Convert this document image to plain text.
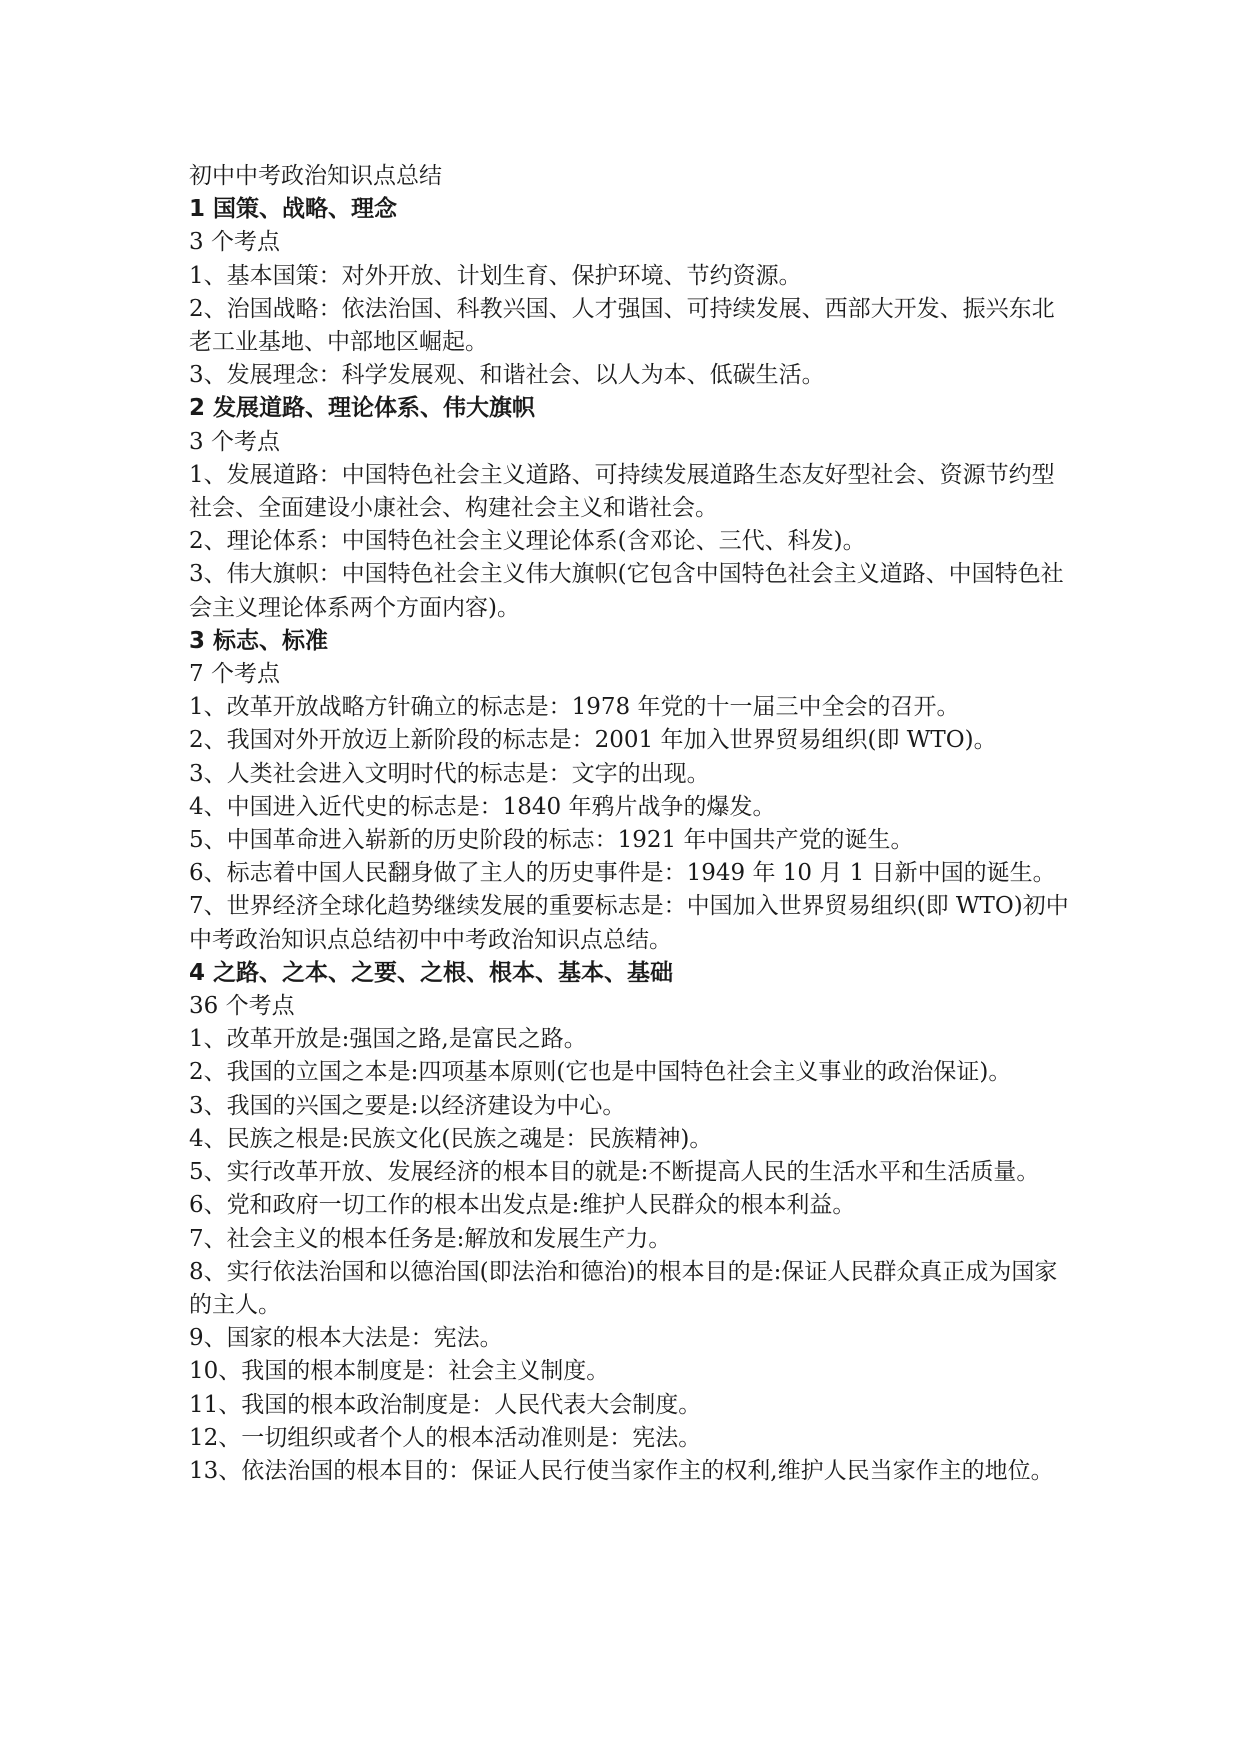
初中中考政治知识点总结

1 国策、战略、理念

3 个考点

1、基本国策：对外开放、计划生育、保护环境、节约资源。

2、治国战略：依法治国、科教兴国、人才强国、可持续发展、西部大开发、振兴东北老工业基地、中部地区崛起。

3、发展理念：科学发展观、和谐社会、以人为本、低碳生活。

2 发展道路、理论体系、伟大旗帜

3 个考点

1、发展道路：中国特色社会主义道路、可持续发展道路生态友好型社会、资源节约型社会、全面建设小康社会、构建社会主义和谐社会。

2、理论体系：中国特色社会主义理论体系(含邓论、三代、科发)。

3、伟大旗帜：中国特色社会主义伟大旗帜(它包含中国特色社会主义道路、中国特色社会主义理论体系两个方面内容)。

3 标志、标准

7 个考点

1、改革开放战略方针确立的标志是：1978 年党的十一届三中全会的召开。

2、我国对外开放迈上新阶段的标志是：2001 年加入世界贸易组织(即 WTO)。

3、人类社会进入文明时代的标志是：文字的出现。

4、中国进入近代史的标志是：1840 年鸦片战争的爆发。

5、中国革命进入崭新的历史阶段的标志：1921 年中国共产党的诞生。

6、标志着中国人民翻身做了主人的历史事件是：1949 年 10 月 1 日新中国的诞生。

7、世界经济全球化趋势继续发展的重要标志是：中国加入世界贸易组织(即 WTO)初中中考政治知识点总结初中中考政治知识点总结。

4 之路、之本、之要、之根、根本、基本、基础

36 个考点

1、改革开放是:强国之路,是富民之路。

2、我国的立国之本是:四项基本原则(它也是中国特色社会主义事业的政治保证)。

3、我国的兴国之要是:以经济建设为中心。

4、民族之根是:民族文化(民族之魂是：民族精神)。

5、实行改革开放、发展经济的根本目的就是:不断提高人民的生活水平和生活质量。

6、党和政府一切工作的根本出发点是:维护人民群众的根本利益。

7、社会主义的根本任务是:解放和发展生产力。

8、实行依法治国和以德治国(即法治和德治)的根本目的是:保证人民群众真正成为国家的主人。

9、国家的根本大法是：宪法。

10、我国的根本制度是：社会主义制度。

11、我国的根本政治制度是：人民代表大会制度。

12、一切组织或者个人的根本活动准则是：宪法。

13、依法治国的根本目的：保证人民行使当家作主的权利,维护人民当家作主的地位。
